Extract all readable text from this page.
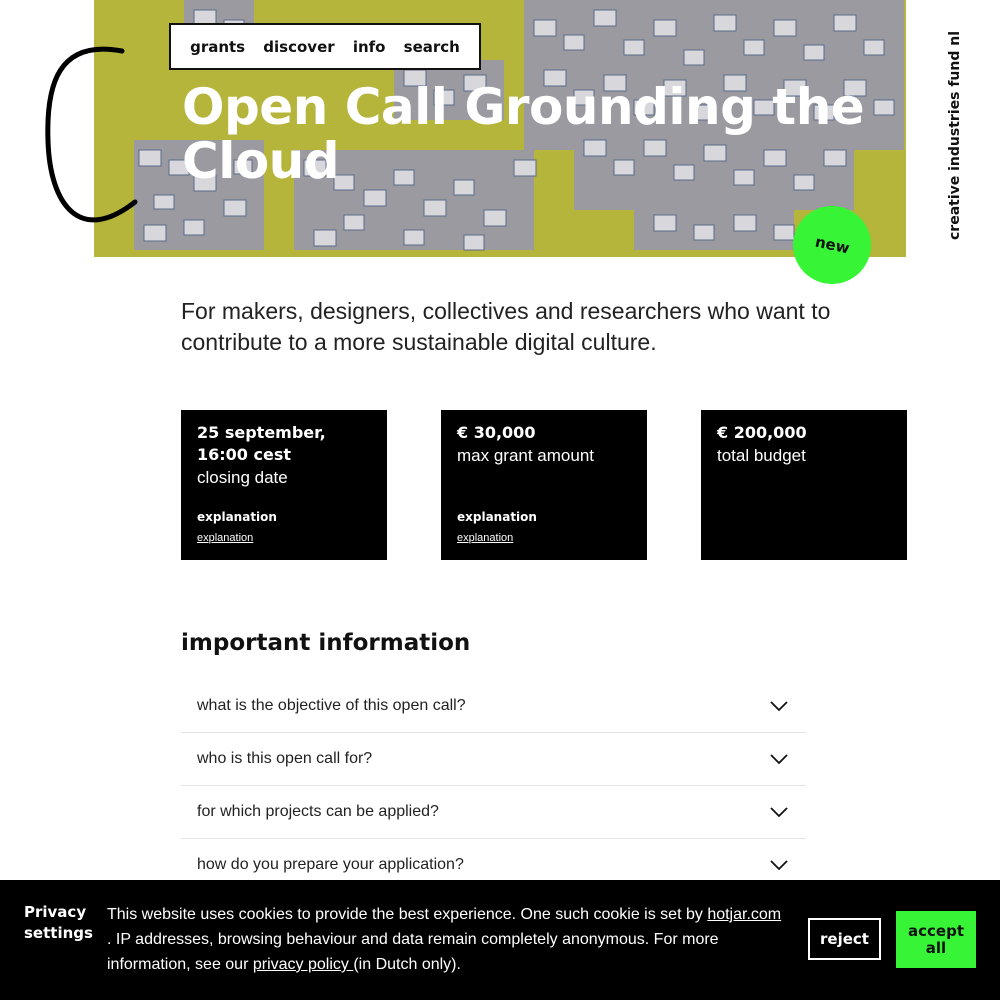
Open Call Grounding the Cloud
grants discover info search	creative industries fund nl
new

For makers, designers, collectives and researchers who want to contribute to a more sustainable digital culture.

25 september, 16:00 cest
closing date
explanation
explanation
€ 30,000
max grant amount
explanation
explanation
€ 200,000
total budget
important information
what is the objective of this open call?
who is this open call for?
for which projects can be applied?
how do you prepare your application?
Privacy settings

This website uses cookies to provide the best experience. One such cookie is set by hotjar.com . IP addresses, browsing behaviour and data remain completely anonymous. For more information, see our privacy policy (in Dutch only).

reject	accept all
